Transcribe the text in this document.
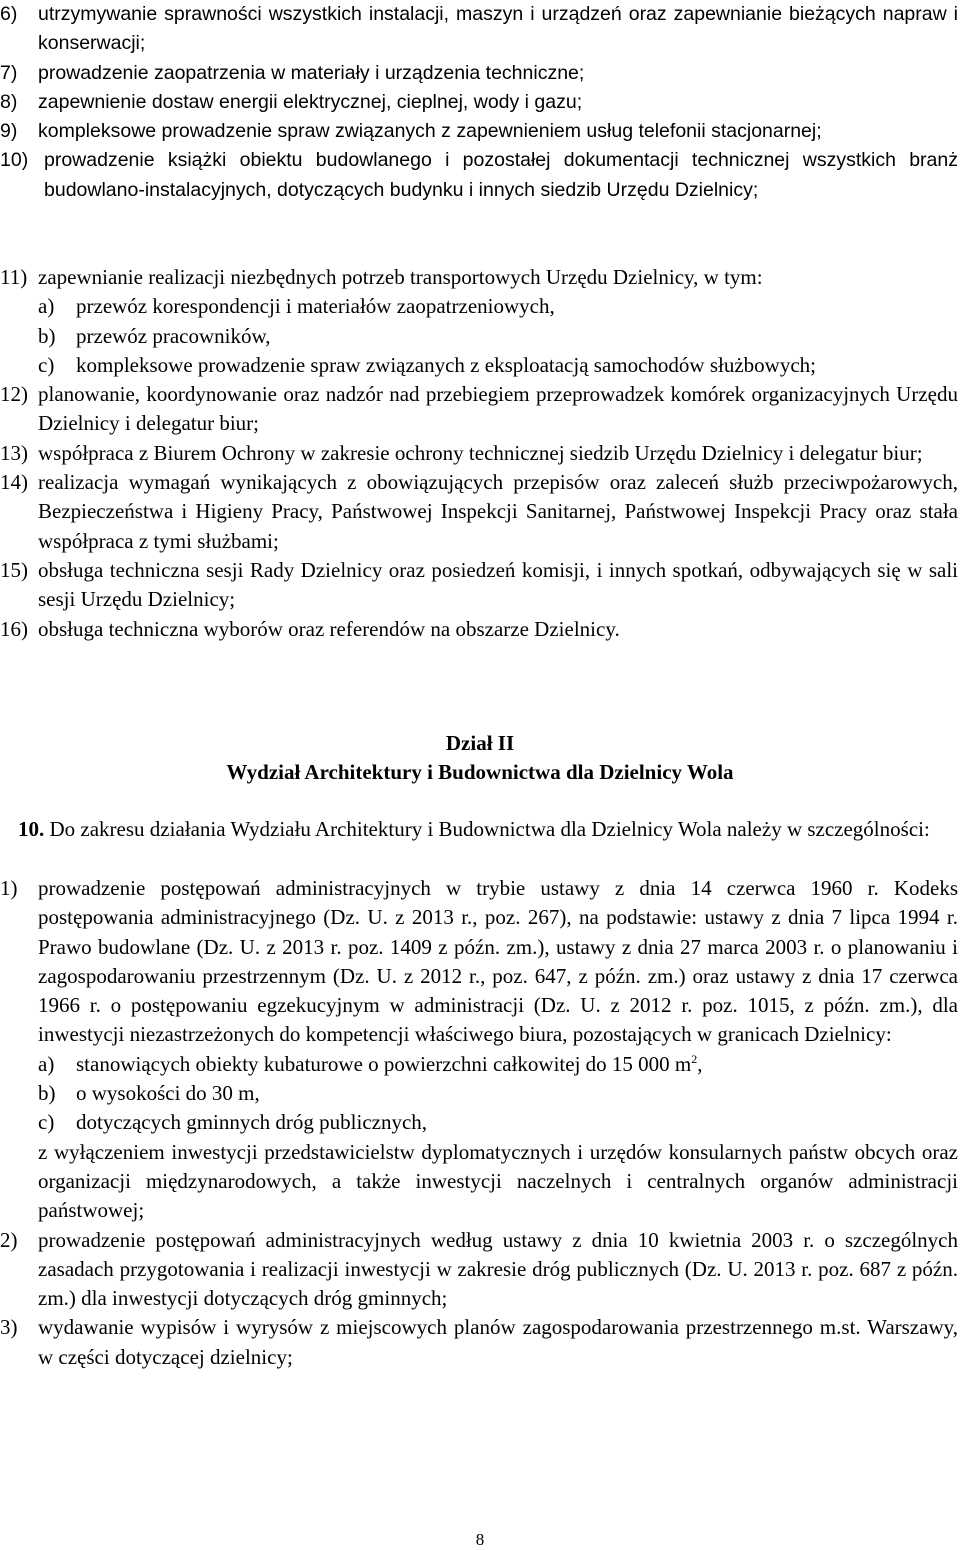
6) utrzymywanie sprawności wszystkich instalacji, maszyn i urządzeń oraz zapewnianie bieżących napraw i konserwacji;
7) prowadzenie zaopatrzenia w materiały i urządzenia techniczne;
8) zapewnienie dostaw energii elektrycznej, cieplnej, wody i gazu;
9) kompleksowe prowadzenie spraw związanych z zapewnieniem usług telefonii stacjonarnej;
10) prowadzenie książki obiektu budowlanego i pozostałej dokumentacji technicznej wszystkich branż budowlano-instalacyjnych, dotyczących budynku i innych siedzib Urzędu Dzielnicy;
11) zapewnianie realizacji niezbędnych potrzeb transportowych Urzędu Dzielnicy, w tym:
a) przewóz korespondencji i materiałów zaopatrzeniowych,
b) przewóz pracowników,
c) kompleksowe prowadzenie spraw związanych z eksploatacją samochodów służbowych;
12) planowanie, koordynowanie oraz nadzór nad przebiegiem przeprowadzek komórek organizacyjnych Urzędu Dzielnicy i delegatur biur;
13) współpraca z Biurem Ochrony w zakresie ochrony technicznej siedzib Urzędu Dzielnicy i delegatur biur;
14) realizacja wymagań wynikających z obowiązujących przepisów oraz zaleceń służb przeciwpożarowych, Bezpieczeństwa i Higieny Pracy, Państwowej Inspekcji Sanitarnej, Państwowej Inspekcji Pracy oraz stała współpraca z tymi służbami;
15) obsługa techniczna sesji Rady Dzielnicy oraz posiedzeń komisji, i innych spotkań, odbywających się w sali sesji Urzędu Dzielnicy;
16) obsługa techniczna wyborów oraz referendów na obszarze Dzielnicy.
Dział II
Wydział Architektury i Budownictwa dla Dzielnicy Wola
10. Do zakresu działania Wydziału Architektury i Budownictwa dla Dzielnicy Wola należy w szczególności:
1) prowadzenie postępowań administracyjnych w trybie ustawy z dnia 14 czerwca 1960 r. Kodeks postępowania administracyjnego (Dz. U. z 2013 r., poz. 267), na podstawie: ustawy z dnia 7 lipca 1994 r. Prawo budowlane (Dz. U. z 2013 r. poz. 1409 z późn. zm.), ustawy z dnia 27 marca 2003 r. o planowaniu i zagospodarowaniu przestrzennym (Dz. U. z 2012 r., poz. 647, z późn. zm.) oraz ustawy z dnia 17 czerwca 1966 r. o postępowaniu egzekucyjnym w administracji (Dz. U. z 2012 r. poz. 1015, z późn. zm.), dla inwestycji niezastrzeżonych do kompetencji właściwego biura, pozostających w granicach Dzielnicy:
a) stanowiących obiekty kubaturowe o powierzchni całkowitej do 15 000 $m^2$,
b) o wysokości do 30 m,
c) dotyczących gminnych dróg publicznych,
z wyłączeniem inwestycji przedstawicielstw dyplomatycznych i urzędów konsularnych państw obcych oraz organizacji międzynarodowych, a także inwestycji naczelnych i centralnych organów administracji państwowej;
2) prowadzenie postępowań administracyjnych według ustawy z dnia 10 kwietnia 2003 r. o szczególnych zasadach przygotowania i realizacji inwestycji w zakresie dróg publicznych (Dz. U. 2013 r. poz. 687 z późn. zm.) dla inwestycji dotyczących dróg gminnych;
3) wydawanie wypisów i wyrysów z miejscowych planów zagospodarowania przestrzennego m.st. Warszawy, w części dotyczącej dzielnicy;
8
